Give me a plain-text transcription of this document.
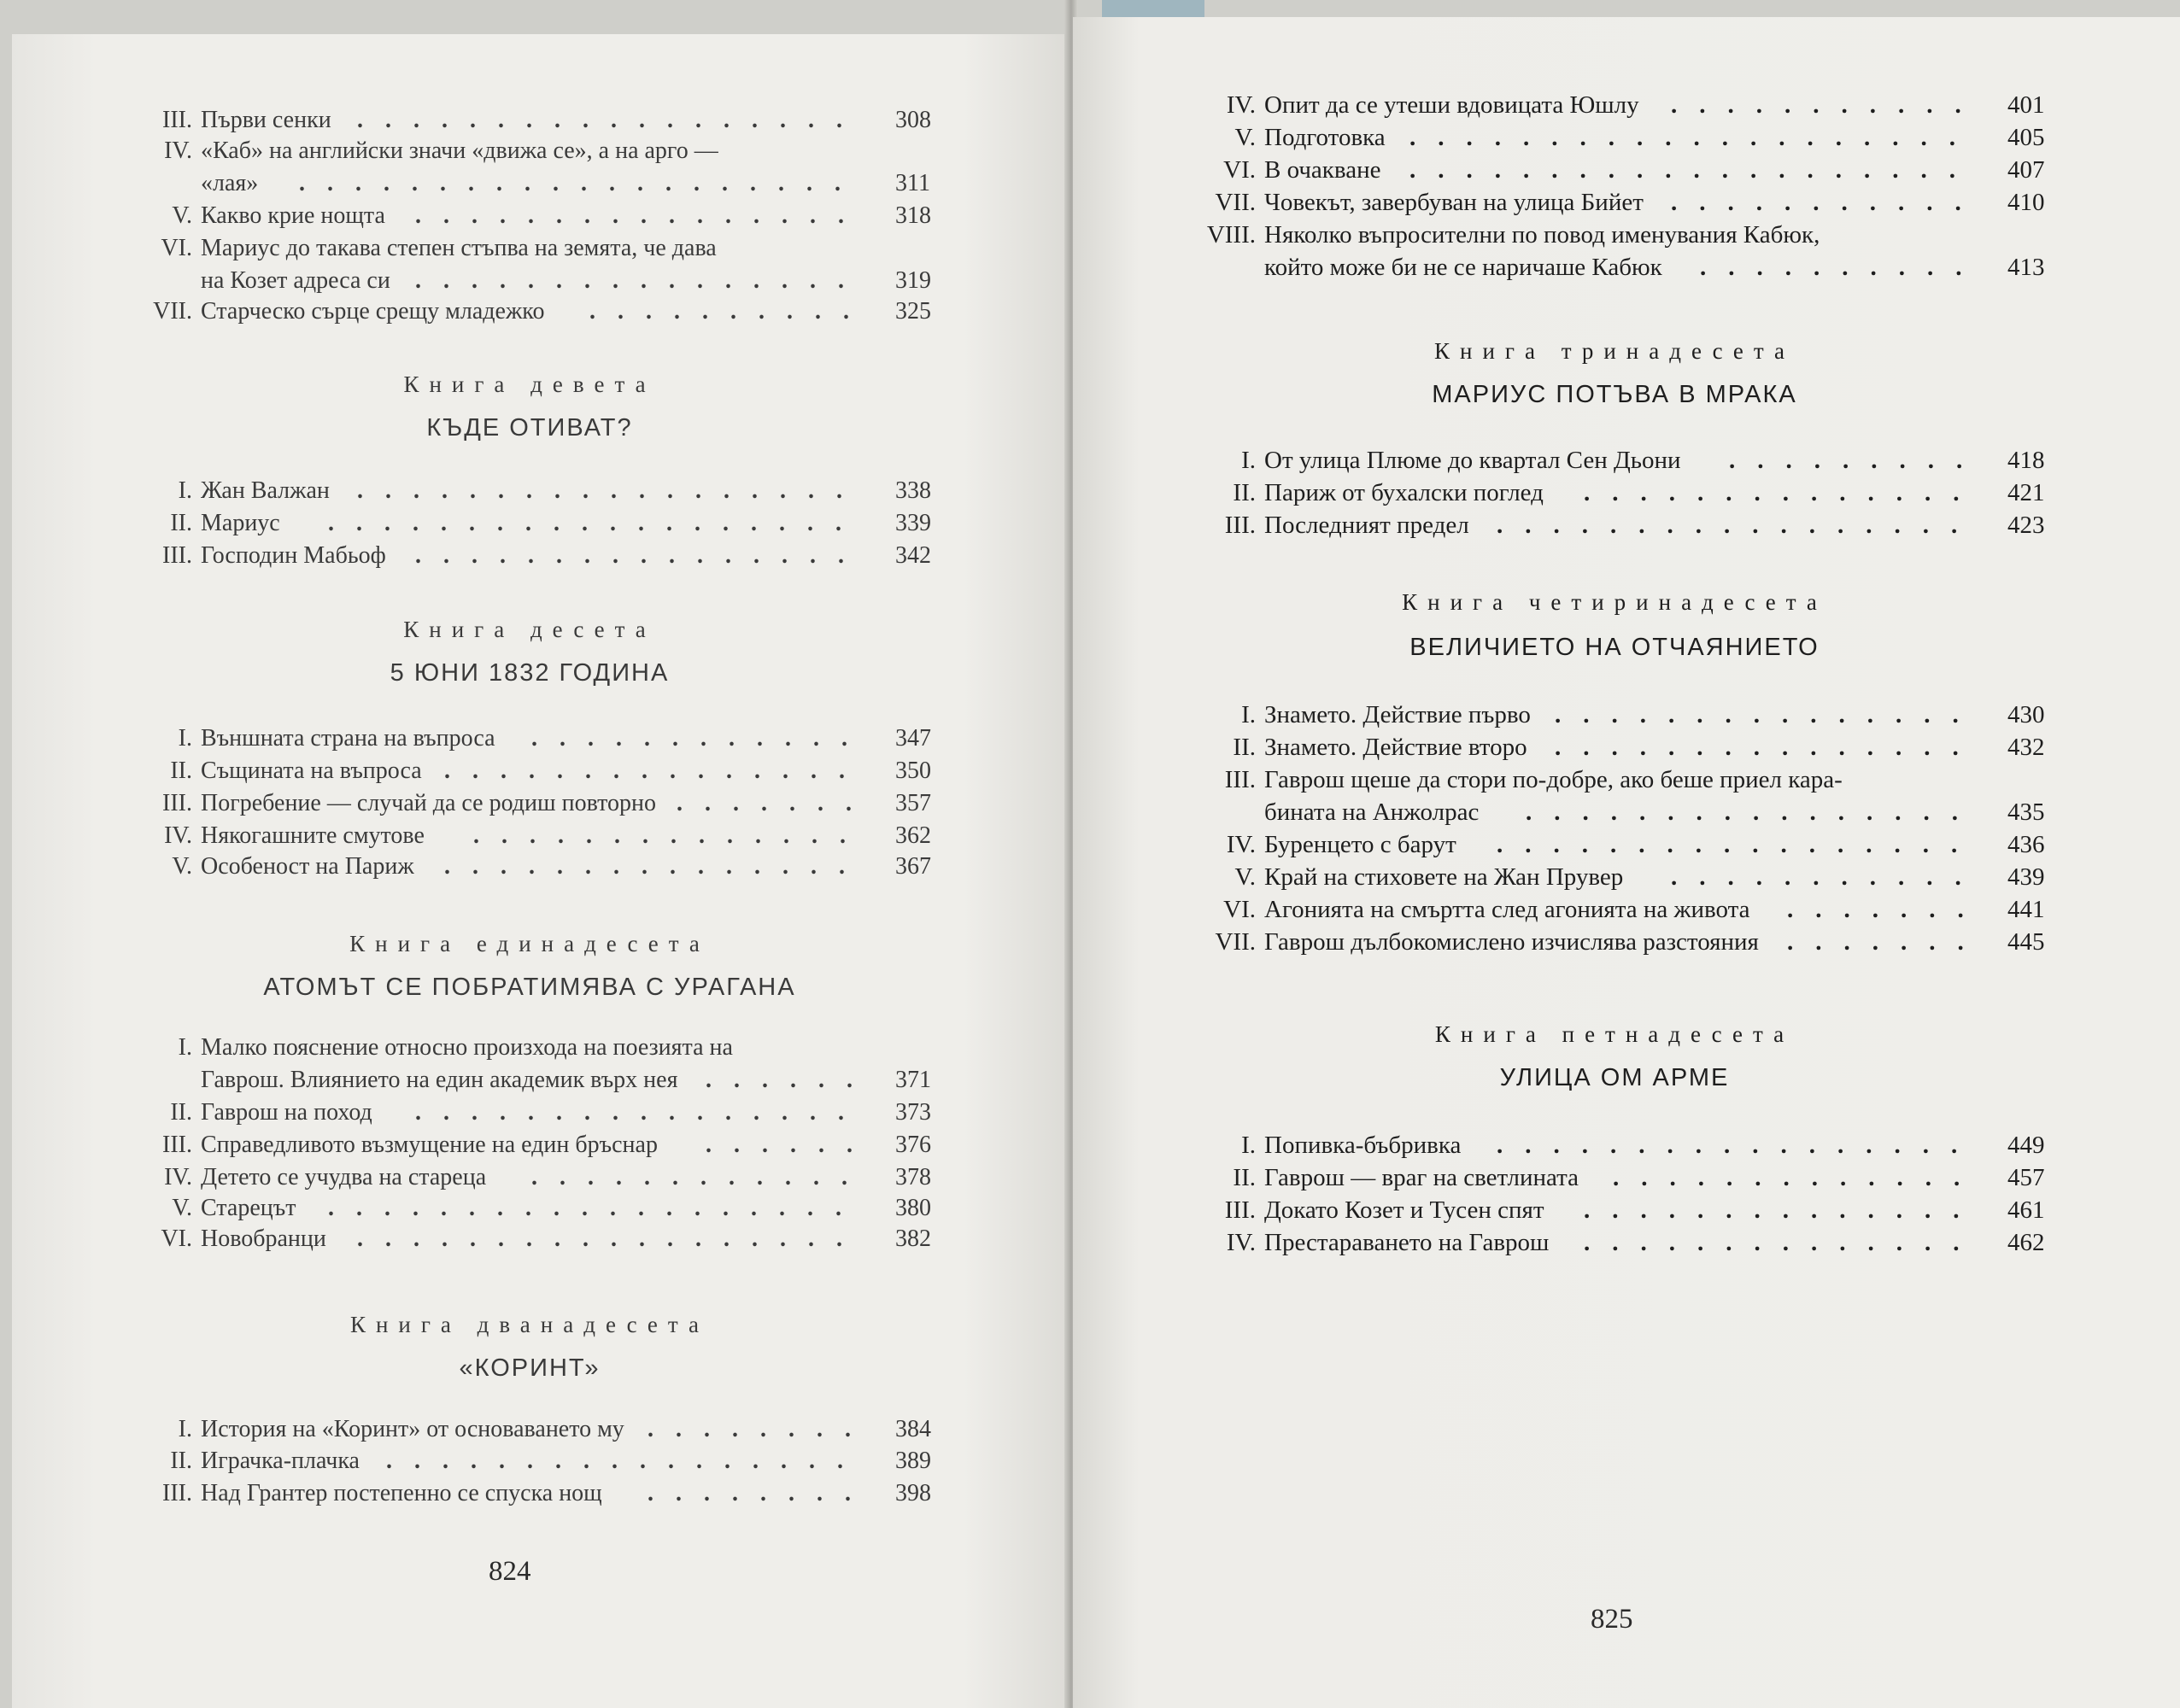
III. Първи сенки	308
..................
IV. «Каб» на английски значи «движа се», а на арго —
«лая»	311
....................
V. Какво крие нощта	318
................
VI. Мариус до такава степен стъпва на земята, че дава
на Козет адреса си	319
................
VII. Старческо сърце срещу младежко	325
..........
Книга девета
КЪДЕ ОТИВАТ?
I. Жан Валжан	338
..................
II. Мариус	339
...................
III. Господин Мабьоф	342
................
Книга десета
5 ЮНИ 1832 ГОДИНА
I. Външната страна на въпроса	347
............
II. Същината на въпроса	350
...............
III. Погребение — случай да се родиш повторно	357
.......
IV. Някогашните смутове	362
..............
V. Особеност на Париж	367
...............
Книга единадесета
АТОМЪТ СЕ ПОБРАТИМЯВА С УРАГАНА
I. Малко пояснение относно произхода на поезията на
Гаврош. Влиянието на един академик върх нея	371
......
II. Гаврош на поход	373
................
III. Справедливото възмущение на един бръснар	376
......
IV. Детето се учудва на стареца	378
............
V. Старецът	380
...................
VI. Новобранци	382
..................
Книга дванадесета
«КОРИНТ»
I. История на «Коринт» от основаването му	384
........
II. Играчка-плачка	389
.................
III. Над Грантер постепенно се спуска нощ	398
........
824
IV. Опит да се утеши вдовицата Юшлу	401
...........
V. Подготовка	405
....................
VI. В очакване	407
....................
VII. Човекът, завербуван на улица Бийет	410
...........
VIII. Няколко въпросителни по повод именувания Кабюк,
който може би не се наричаше Кабюк	413
..........
Книга тринадесета
МАРИУС ПОТЪВА В МРАКА
I. От улица Плюме до квартал Сен Дьони	418
.........
II. Париж от бухалски поглед	421
..............
III. Последният предел	423
.................
Книга четиринадесета
ВЕЛИЧИЕТО НА ОТЧАЯНИЕТО
I. Знамето. Действие първо	430
...............
II. Знамето. Действие второ	432
...............
III. Гаврош щеше да стори по-добре, ако беше приел кара-
бината на Анжолрас	435
................
IV. Буренцето с барут	436
.................
V. Край на стиховете на Жан Прувер	439
...........
VI. Агонията на смъртта след агонията на живота	441
.......
VII. Гаврош дълбокомислено изчислява разстояния	445
.......
Книга петнадесета
УЛИЦА ОМ АРМЕ
I. Попивка-бъбривка	449
.................
II. Гаврош — враг на светлината	457
.............
III. Докато Козет и Тусен спят	461
..............
IV. Престараването на Гаврош	462
..............
825
